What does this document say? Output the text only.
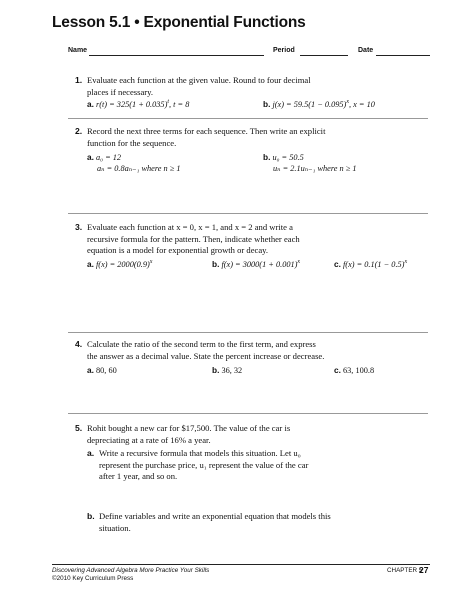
Lesson 5.1 • Exponential Functions
Name	Period	Date
1. Evaluate each function at the given value. Round to four decimal
places if necessary.
a. $r(t) = 325(1 + 0.035)^t$, t = 8	b. $j(x) = 59.5(1 - 0.095)^x$, x = 10
2. Record the next three terms for each sequence. Then write an explicit
function for the sequence.
a. a₀ = 12
aₙ = 0.8aₙ₋₁ where n ≥ 1
b. u₀ = 50.5
uₙ = 2.1uₙ₋₁ where n ≥ 1
3. Evaluate each function at x = 0, x = 1, and x = 2 and write a
recursive formula for the pattern. Then, indicate whether each
equation is a model for exponential growth or decay.
a. $f(x) = 2000(0.9)^x$	b. $f(x) = 3000(1 + 0.001)^x$	c. $f(x) = 0.1(1 - 0.5)^x$
4. Calculate the ratio of the second term to the first term, and express
the answer as a decimal value. State the percent increase or decrease.
a. 80, 60	b. 36, 32	c. 63, 100.8
5. Rohit bought a new car for $17,500. The value of the car is
depreciating at a rate of 16% a year.
a. Write a recursive formula that models this situation. Let u₀
represent the purchase price, u₁ represent the value of the car
after 1 year, and so on.
b. Define variables and write an exponential equation that models this
situation.
Discovering Advanced Algebra More Practice Your Skills
©2010 Key Curriculum Press
CHAPTER 5
27
